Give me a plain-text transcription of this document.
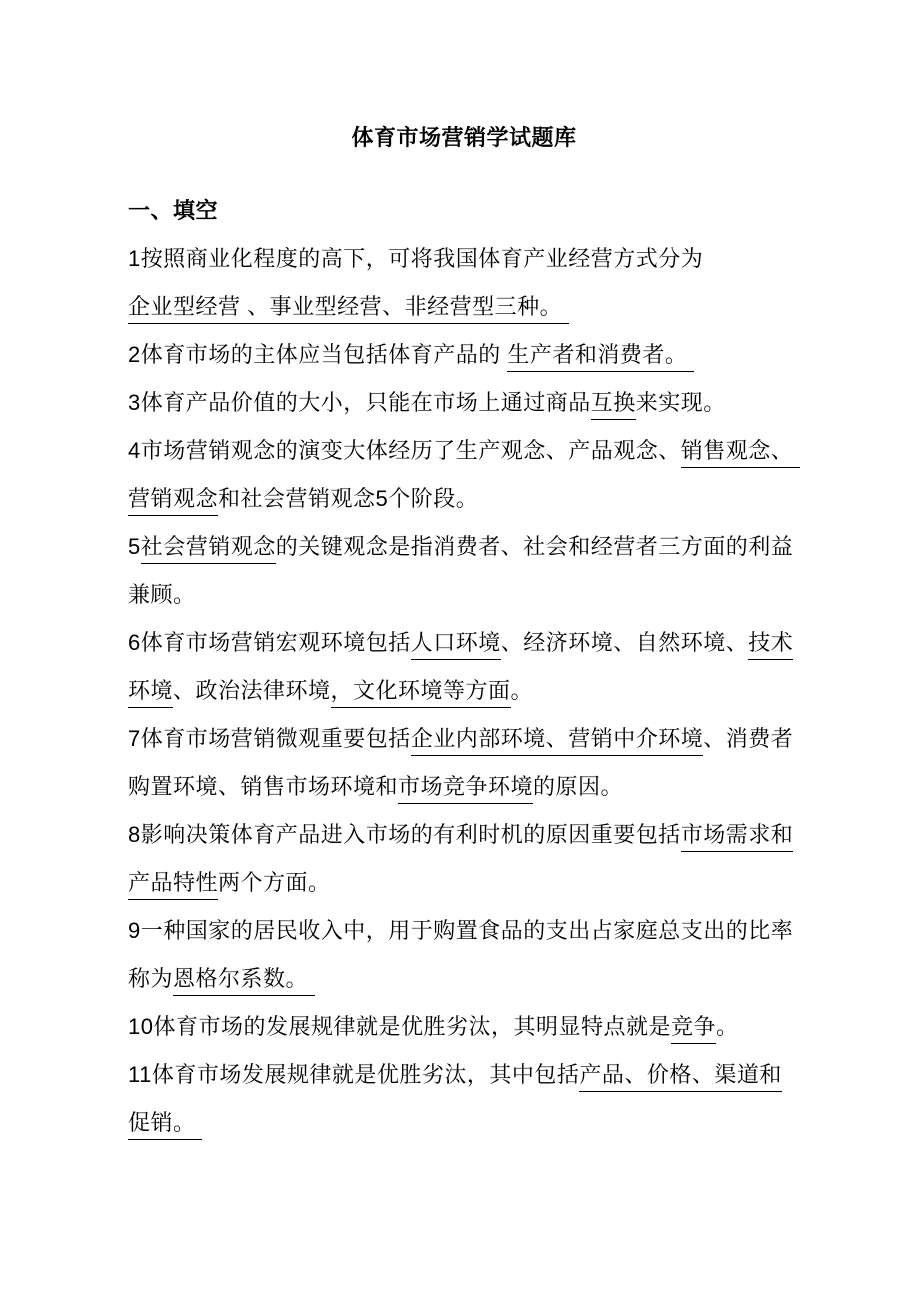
体育市场营销学试题库
一、填空
1按照商业化程度的高下，可将我国体育产业经营方式分为
企业型经营 、事业型经营、非经营型三种。
2体育市场的主体应当包括体育产品的 生产者和消费者。
3体育产品价值的大小，只能在市场上通过商品互换来实现。
4市场营销观念的演变大体经历了生产观念、产品观念、销售观念、
营销观念和社会营销观念5个阶段。
5社会营销观念的关键观念是指消费者、社会和经营者三方面的利益
兼顾。
6体育市场营销宏观环境包括人口环境、经济环境、自然环境、技术
环境、政治法律环境，文化环境等方面。
7体育市场营销微观重要包括企业内部环境、营销中介环境、消费者
购置环境、销售市场环境和市场竞争环境的原因。
8影响决策体育产品进入市场的有利时机的原因重要包括市场需求和
产品特性两个方面。
9一种国家的居民收入中，用于购置食品的支出占家庭总支出的比率
称为恩格尔系数。
10体育市场的发展规律就是优胜劣汰，其明显特点就是竞争。
11体育市场发展规律就是优胜劣汰，其中包括产品、价格、渠道和
促销。
